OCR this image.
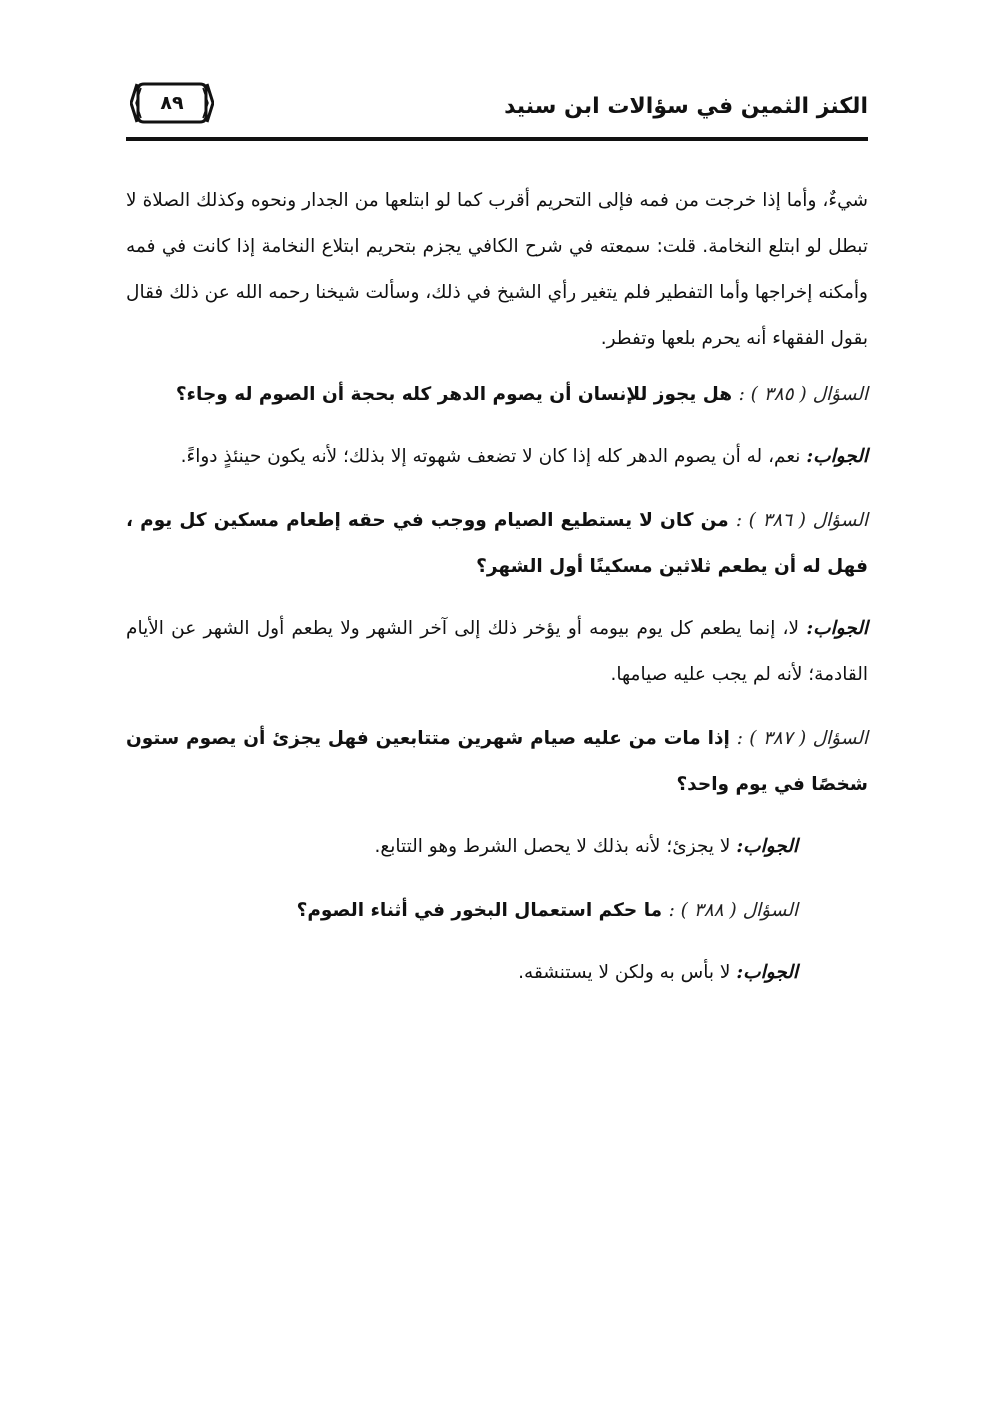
الكنز الثمين في سؤالات ابن سنيد
٨٩

شيءٌ، وأما إذا خرجت من فمه فإلى التحريم أقرب كما لو ابتلعها من الجدار ونحوه وكذلك الصلاة لا تبطل لو ابتلع النخامة. قلت: سمعته في شرح الكافي يجزم بتحريم ابتلاع النخامة إذا كانت في فمه وأمكنه إخراجها وأما التفطير فلم يتغير رأي الشيخ في ذلك، وسألت شيخنا رحمه الله عن ذلك فقال بقول الفقهاء أنه يحرم بلعها وتفطر.

السؤال ( ٣٨٥ ) : هل يجوز للإنسان أن يصوم الدهر كله بحجة أن الصوم له وجاء؟

الجواب: نعم، له أن يصوم الدهر كله إذا كان لا تضعف شهوته إلا بذلك؛ لأنه يكون حينئذٍ دواءً.

السؤال ( ٣٨٦ ) : من كان لا يستطيع الصيام ووجب في حقه إطعام مسكين كل يوم ، فهل له أن يطعم ثلاثين مسكينًا أول الشهر؟

الجواب: لا، إنما يطعم كل يوم بيومه أو يؤخر ذلك إلى آخر الشهر ولا يطعم أول الشهر عن الأيام القادمة؛ لأنه لم يجب عليه صيامها.

السؤال ( ٣٨٧ ) : إذا مات من عليه صيام شهرين متتابعين فهل يجزئ أن يصوم ستون شخصًا في يوم واحد؟

الجواب: لا يجزئ؛ لأنه بذلك لا يحصل الشرط وهو التتابع.

السؤال ( ٣٨٨ ) : ما حكم استعمال البخور في أثناء الصوم؟

الجواب: لا بأس به ولكن لا يستنشقه.
